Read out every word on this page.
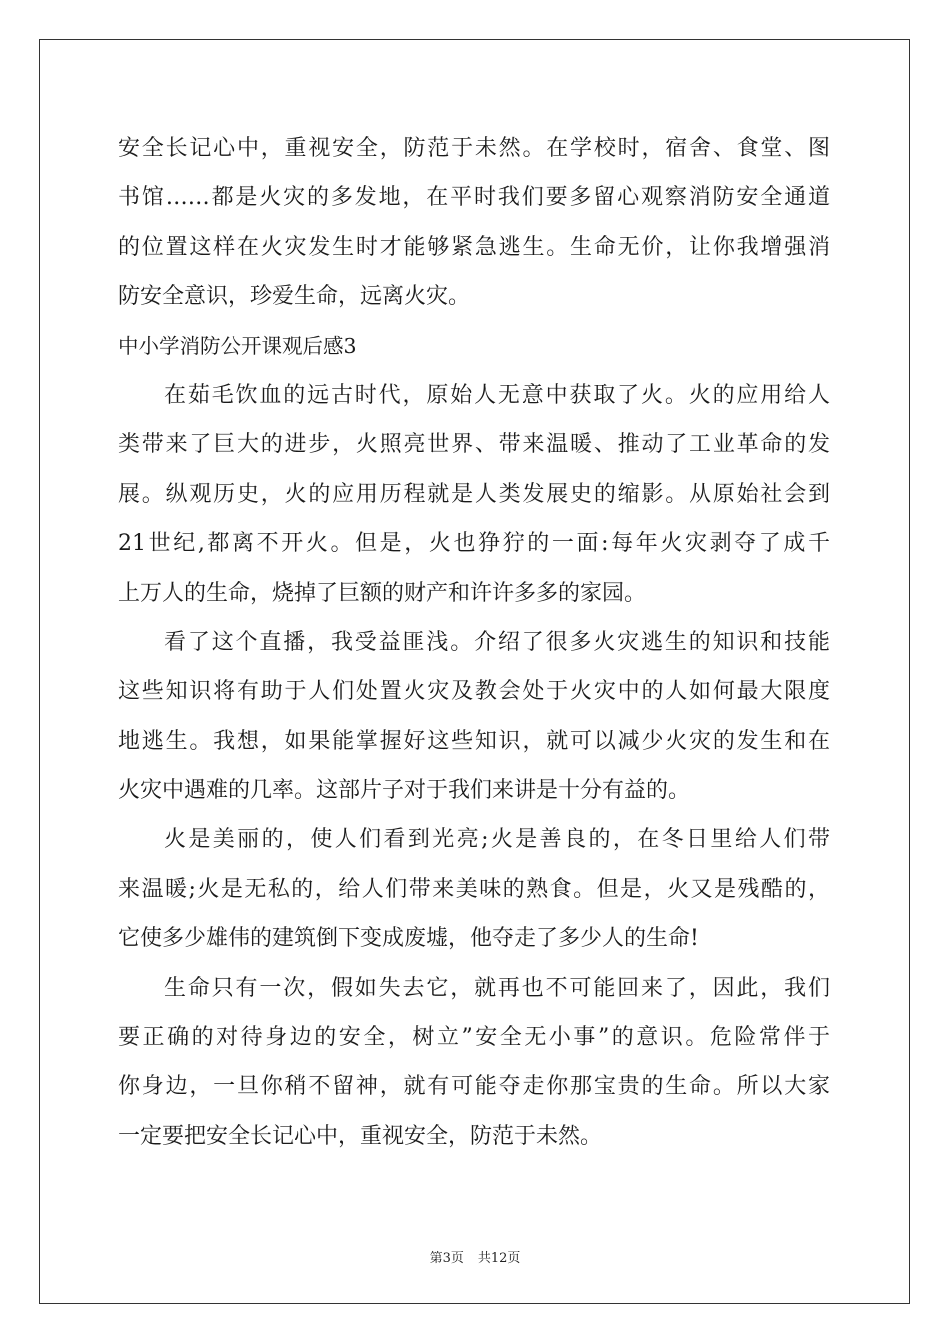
安全长记心中，重视安全，防范于未然。在学校时，宿舍、食堂、图
书馆……都是火灾的多发地，在平时我们要多留心观察消防安全通道
的位置这样在火灾发生时才能够紧急逃生。生命无价，让你我增强消
防安全意识，珍爱生命，远离火灾。
中小学消防公开课观后感3
在茹毛饮血的远古时代，原始人无意中获取了火。火的应用给人
类带来了巨大的进步，火照亮世界、带来温暖、推动了工业革命的发
展。纵观历史，火的应用历程就是人类发展史的缩影。从原始社会到
21世纪,都离不开火。但是，火也狰狞的一面:每年火灾剥夺了成千
上万人的生命，烧掉了巨额的财产和许许多多的家园。
看了这个直播，我受益匪浅。介绍了很多火灾逃生的知识和技能
这些知识将有助于人们处置火灾及教会处于火灾中的人如何最大限度
地逃生。我想，如果能掌握好这些知识，就可以减少火灾的发生和在
火灾中遇难的几率。这部片子对于我们来讲是十分有益的。
火是美丽的，使人们看到光亮;火是善良的，在冬日里给人们带
来温暖;火是无私的，给人们带来美味的熟食。但是，火又是残酷的，
它使多少雄伟的建筑倒下变成废墟，他夺走了多少人的生命!
生命只有一次，假如失去它，就再也不可能回来了，因此，我们
要正确的对待身边的安全，树立”安全无小事”的意识。危险常伴于
你身边，一旦你稍不留神，就有可能夺走你那宝贵的生命。所以大家
一定要把安全长记心中，重视安全，防范于未然。
第3页 共12页
